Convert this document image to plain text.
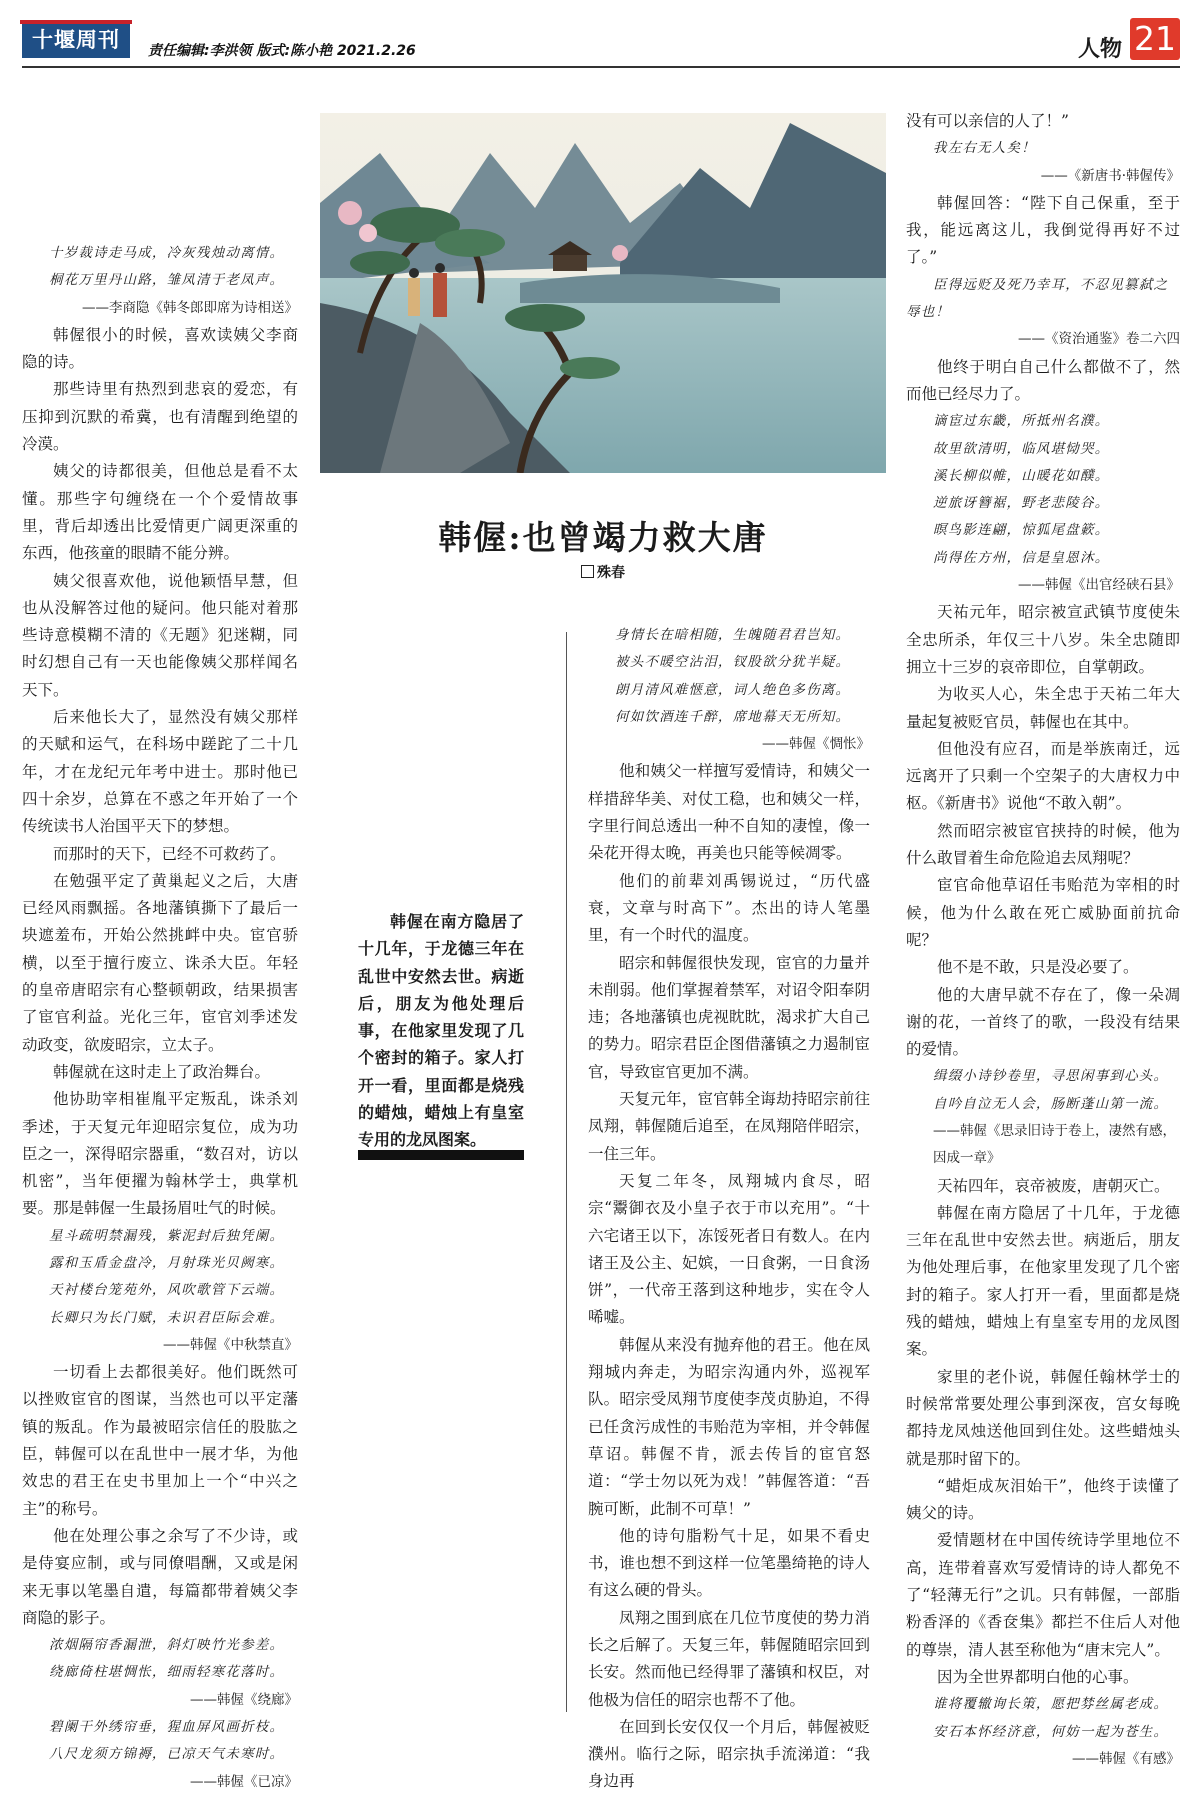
十堰周刊	责任编辑:李洪领 版式:陈小艳 2021.2.26	人物 21
韩偓:也曾竭力救大唐
殊春

韩偓在南方隐居了十几年，于龙德三年在乱世中安然去世。病逝后，朋友为他处理后事，在他家里发现了几个密封的箱子。家人打开一看，里面都是烧残的蜡烛，蜡烛上有皇室专用的龙凤图案。

十岁裁诗走马成，冷灰残烛动离情。

桐花万里丹山路，雏凤清于老凤声。

——李商隐《韩冬郎即席为诗相送》

韩偓很小的时候，喜欢读姨父李商隐的诗。

那些诗里有热烈到悲哀的爱恋，有压抑到沉默的希冀，也有清醒到绝望的冷漠。

姨父的诗都很美，但他总是看不太懂。那些字句缠绕在一个个爱情故事里，背后却透出比爱情更广阔更深重的东西，他孩童的眼睛不能分辨。

姨父很喜欢他，说他颖悟早慧，但也从没解答过他的疑问。他只能对着那些诗意模糊不清的《无题》犯迷糊，同时幻想自己有一天也能像姨父那样闻名天下。

后来他长大了，显然没有姨父那样的天赋和运气，在科场中蹉跎了二十几年，才在龙纪元年考中进士。那时他已四十余岁，总算在不惑之年开始了一个传统读书人治国平天下的梦想。

而那时的天下，已经不可救药了。

在勉强平定了黄巢起义之后，大唐已经风雨飘摇。各地藩镇撕下了最后一块遮羞布，开始公然挑衅中央。宦官骄横，以至于擅行废立、诛杀大臣。年轻的皇帝唐昭宗有心整顿朝政，结果损害了宦官利益。光化三年，宦官刘季述发动政变，欲废昭宗，立太子。

韩偓就在这时走上了政治舞台。

他协助宰相崔胤平定叛乱，诛杀刘季述，于天复元年迎昭宗复位，成为功臣之一，深得昭宗器重，“数召对，访以机密”，当年便擢为翰林学士，典掌机要。那是韩偓一生最扬眉吐气的时候。

星斗疏明禁漏残，紫泥封后独凭阑。

露和玉盾金盘冷，月射珠光贝阙寒。

天衬楼台笼苑外，风吹歌管下云端。

长卿只为长门赋，未识君臣际会难。

——韩偓《中秋禁直》

一切看上去都很美好。他们既然可以挫败宦官的图谋，当然也可以平定藩镇的叛乱。作为最被昭宗信任的股肱之臣，韩偓可以在乱世中一展才华，为他效忠的君王在史书里加上一个“中兴之主”的称号。

他在处理公事之余写了不少诗，或是侍宴应制，或与同僚唱酬，又或是闲来无事以笔墨自遣，每篇都带着姨父李商隐的影子。

浓烟隔帘香漏泄，斜灯映竹光参差。

绕廊倚柱堪惆怅，细雨轻寒花落时。

——韩偓《绕廊》

碧阑干外绣帘垂，猩血屏风画折枝。

八尺龙须方锦褥，已凉天气未寒时。

——韩偓《已凉》

身情长在暗相随，生魄随君君岂知。

被头不暖空沾泪，钗股欲分犹半疑。

朗月清风难惬意，词人绝色多伤离。

何如饮酒连千醉，席地幕天无所知。

——韩偓《惆怅》

他和姨父一样擅写爱情诗，和姨父一样措辞华美、对仗工稳，也和姨父一样，字里行间总透出一种不自知的凄惶，像一朵花开得太晚，再美也只能等候凋零。

他们的前辈刘禹锡说过，“历代盛衰，文章与时高下”。杰出的诗人笔墨里，有一个时代的温度。

昭宗和韩偓很快发现，宦官的力量并未削弱。他们掌握着禁军，对诏令阳奉阴违；各地藩镇也虎视眈眈，渴求扩大自己的势力。昭宗君臣企图借藩镇之力遏制宦官，导致宦官更加不满。

天复元年，宦官韩全诲劫持昭宗前往凤翔，韩偓随后追至，在凤翔陪伴昭宗，一住三年。

天复二年冬，凤翔城内食尽，昭宗“鬻御衣及小皇子衣于市以充用”。“十六宅诸王以下，冻馁死者日有数人。在内诸王及公主、妃嫔，一日食粥，一日食汤饼”，一代帝王落到这种地步，实在令人唏嘘。

韩偓从来没有抛弃他的君王。他在凤翔城内奔走，为昭宗沟通内外，巡视军队。昭宗受凤翔节度使李茂贞胁迫，不得已任贪污成性的韦贻范为宰相，并令韩偓草诏。韩偓不肯，派去传旨的宦官怒道：“学士勿以死为戏！”韩偓答道：“吾腕可断，此制不可草！”

他的诗句脂粉气十足，如果不看史书，谁也想不到这样一位笔墨绮艳的诗人有这么硬的骨头。

凤翔之围到底在几位节度使的势力消长之后解了。天复三年，韩偓随昭宗回到长安。然而他已经得罪了藩镇和权臣，对他极为信任的昭宗也帮不了他。

在回到长安仅仅一个月后，韩偓被贬濮州。临行之际，昭宗执手流涕道：“我身边再

没有可以亲信的人了！”

我左右无人矣！

——《新唐书·韩偓传》

韩偓回答：“陛下自己保重，至于我，能远离这儿，我倒觉得再好不过了。”

臣得远贬及死乃幸耳，不忍见篡弑之

辱也！

——《资治通鉴》卷二六四

他终于明白自己什么都做不了，然而他已经尽力了。

谪宦过东畿，所抵州名濮。

故里欲清明，临风堪恸哭。

溪长柳似帷，山暖花如醭。

逆旅讶簪裾，野老悲陵谷。

暝鸟影连翩，惊狐尾盘簌。

尚得佐方州，信是皇恩沐。

——韩偓《出官经硖石县》

天祐元年，昭宗被宣武镇节度使朱全忠所杀，年仅三十八岁。朱全忠随即拥立十三岁的哀帝即位，自掌朝政。

为收买人心，朱全忠于天祐二年大量起复被贬官员，韩偓也在其中。

但他没有应召，而是举族南迁，远远离开了只剩一个空架子的大唐权力中枢。《新唐书》说他“不敢入朝”。

然而昭宗被宦官挟持的时候，他为什么敢冒着生命危险追去凤翔呢？

宦官命他草诏任韦贻范为宰相的时候，他为什么敢在死亡威胁面前抗命呢？

他不是不敢，只是没必要了。

他的大唐早就不存在了，像一朵凋谢的花，一首终了的歌，一段没有结果的爱情。

缉缀小诗钞卷里，寻思闲事到心头。

自吟自泣无人会，肠断蓬山第一流。

——韩偓《思录旧诗于卷上，凄然有感，因成一章》

天祐四年，哀帝被废，唐朝灭亡。

韩偓在南方隐居了十几年，于龙德三年在乱世中安然去世。病逝后，朋友为他处理后事，在他家里发现了几个密封的箱子。家人打开一看，里面都是烧残的蜡烛，蜡烛上有皇室专用的龙凤图案。

家里的老仆说，韩偓任翰林学士的时候常常要处理公事到深夜，宫女每晚都持龙凤烛送他回到住处。这些蜡烛头就是那时留下的。

“蜡炬成灰泪始干”，他终于读懂了姨父的诗。

爱情题材在中国传统诗学里地位不高，连带着喜欢写爱情诗的诗人都免不了“轻薄无行”之讥。只有韩偓，一部脂粉香泽的《香奁集》都拦不住后人对他的尊崇，清人甚至称他为“唐末完人”。

因为全世界都明白他的心事。

谁将覆辙询长策，愿把棼丝属老成。

安石本怀经济意，何妨一起为苍生。

——韩偓《有感》
